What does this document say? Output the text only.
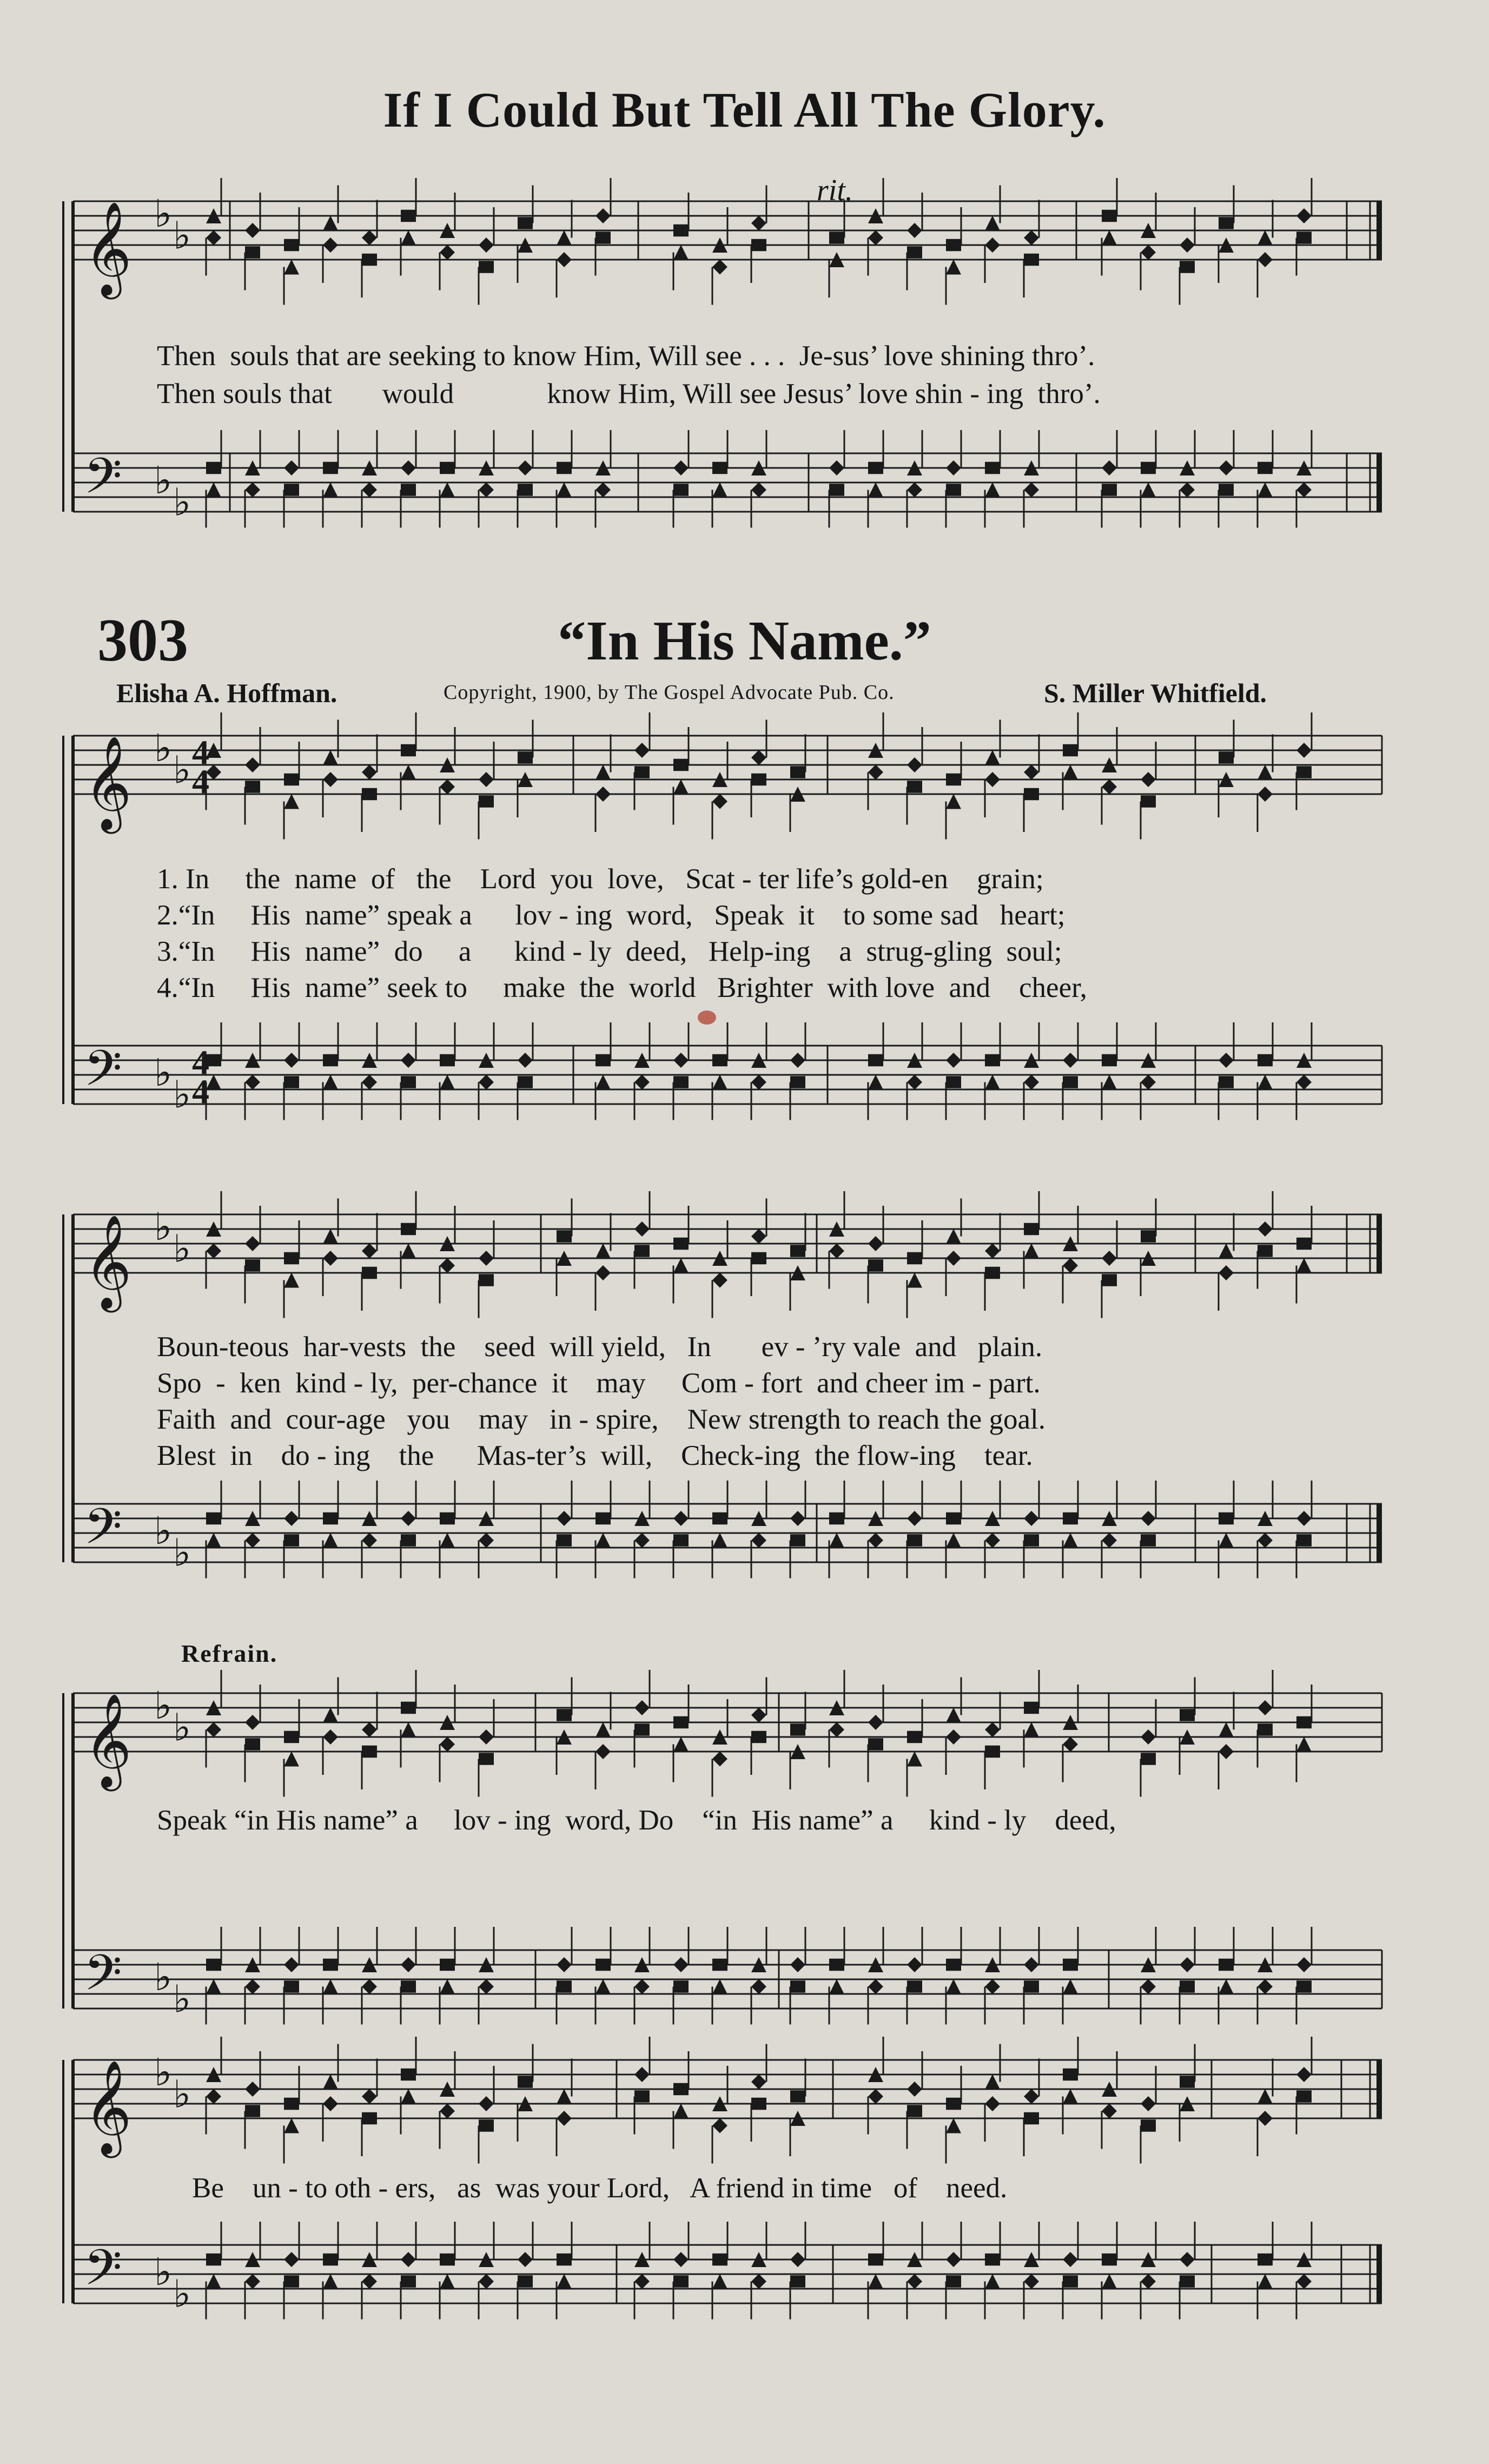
If I Could But Tell All The Glory.
rit.
𝄞
𝄢
♭ ♭
♭ ♭
𝄞
𝄢
♭ ♭
♭ ♭
𝄞
𝄢
♭ ♭
♭ ♭
𝄞
𝄢
♭ ♭
♭ ♭
𝄞
𝄢
♭ ♭
♭ ♭
4
4
4
4
Then  souls that are seeking to know Him, Will see . . .  Je-sus’ love shining thro’.
Then souls that       would             know Him, Will see Jesus’ love shin - ing  thro’.
303	“In His Name.”
Elisha A. Hoffman.	Copyright, 1900, by The Gospel Advocate Pub. Co.	S. Miller Whitfield.
1. In     the  name  of   the    Lord  you  love,   Scat - ter life’s gold-en    grain;
2.“In     His  name” speak a      lov - ing  word,   Speak  it    to some sad   heart;
3.“In     His  name”  do     a      kind - ly  deed,   Help-ing    a  strug-gling  soul;
4.“In     His  name” seek to     make  the  world   Brighter  with love  and    cheer,
Boun-teous  har-vests  the    seed  will yield,   In       ev - ’ry vale  and   plain.
Spo  -  ken  kind - ly,  per-chance  it    may     Com - fort  and cheer im - part.
Faith  and  cour-age   you    may   in - spire,    New strength to reach the goal.
Blest  in    do - ing    the      Mas-ter’s  will,    Check-ing  the flow-ing    tear.
Refrain.
Speak “in His name” a     lov - ing  word, Do    “in  His name” a     kind - ly    deed,
Be    un - to oth - ers,   as  was your Lord,   A friend in time   of    need.
